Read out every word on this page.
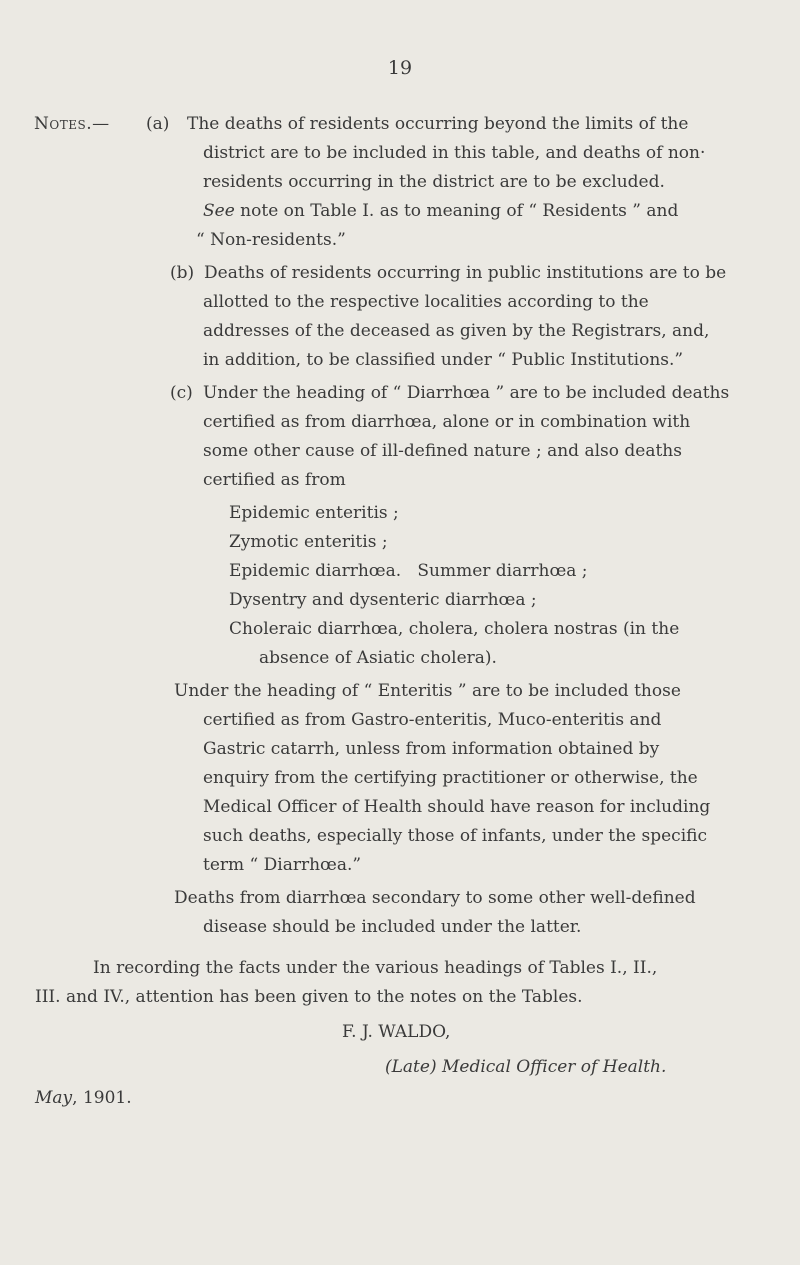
19
Notes.— (a) The deaths of residents occurring beyond the limits of the
district are to be included in this table, and deaths of non·
residents occurring in the district are to be excluded.
See note on Table I. as to meaning of “ Residents ” and
“ Non-residents.”
(b) Deaths of residents occurring in public institutions are to be
allotted to the respective localities according to the
addresses of the deceased as given by the Registrars, and,
in addition, to be classified under “ Public Institutions.”
(c) Under the heading of “ Diarrhœa ” are to be included deaths
certified as from diarrhœa, alone or in combination with
some other cause of ill-defined nature ; and also deaths
certified as from
Epidemic enteritis ;
Zymotic enteritis ;
Epidemic diarrhœa.   Summer diarrhœa ;
Dysentry and dysenteric diarrhœa ;
Choleraic diarrhœa, cholera, cholera nostras (in the
absence of Asiatic cholera).
Under the heading of “ Enteritis ” are to be included those
certified as from Gastro-enteritis, Muco-enteritis and
Gastric catarrh, unless from information obtained by
enquiry from the certifying practitioner or otherwise, the
Medical Officer of Health should have reason for including
such deaths, especially those of infants, under the specific
term “ Diarrhœa.”
Deaths from diarrhœa secondary to some other well-defined
disease should be included under the latter.
In recording the facts under the various headings of Tables I., II.,
III. and IV., attention has been given to the notes on the Tables.
F. J. WALDO,
(Late) Medical Officer of Health.
May, 1901.
